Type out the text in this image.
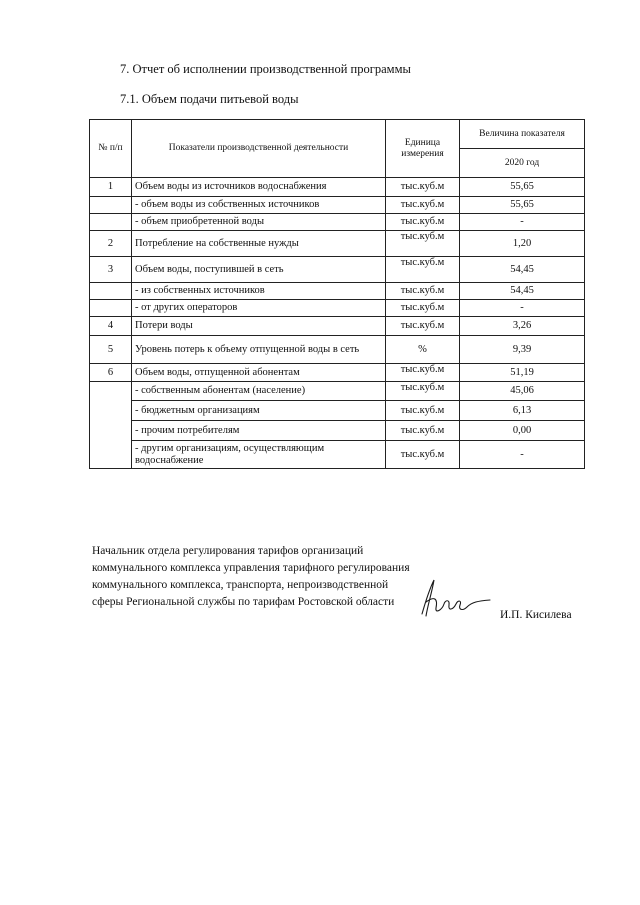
7. Отчет об исполнении производственной программы
7.1. Объем подачи питьевой воды
№ п/п	Показатели производственной деятельности	Единица измерения	Величина показателя
			2020 год
1	Объем воды из источников водоснабжения	тыс.куб.м	55,65
	- объем воды из собственных источников	тыс.куб.м	55,65
	- объем приобретенной воды	тыс.куб.м	-
2	Потребление на собственные нужды	тыс.куб.м	1,20
3	Объем воды, поступившей в сеть	тыс.куб.м	54,45
	- из собственных источников	тыс.куб.м	54,45
	- от других операторов	тыс.куб.м	-
4	Потери воды	тыс.куб.м	3,26
5	Уровень потерь к объему отпущенной воды в сеть	%	9,39
6	Объем воды, отпущенной абонентам	тыс.куб.м	51,19
	- собственным абонентам (население)	тыс.куб.м	45,06
	- бюджетным организациям	тыс.куб.м	6,13
	- прочим потребителям	тыс.куб.м	0,00
	- другим организациям, осуществляющим водоснабжение	тыс.куб.м	-
Начальник отдела регулирования тарифов организаций коммунального комплекса управления тарифного регулирования коммунального комплекса, транспорта, непроизводственной сферы Региональной службы по тарифам Ростовской области
И.П. Кисилева
